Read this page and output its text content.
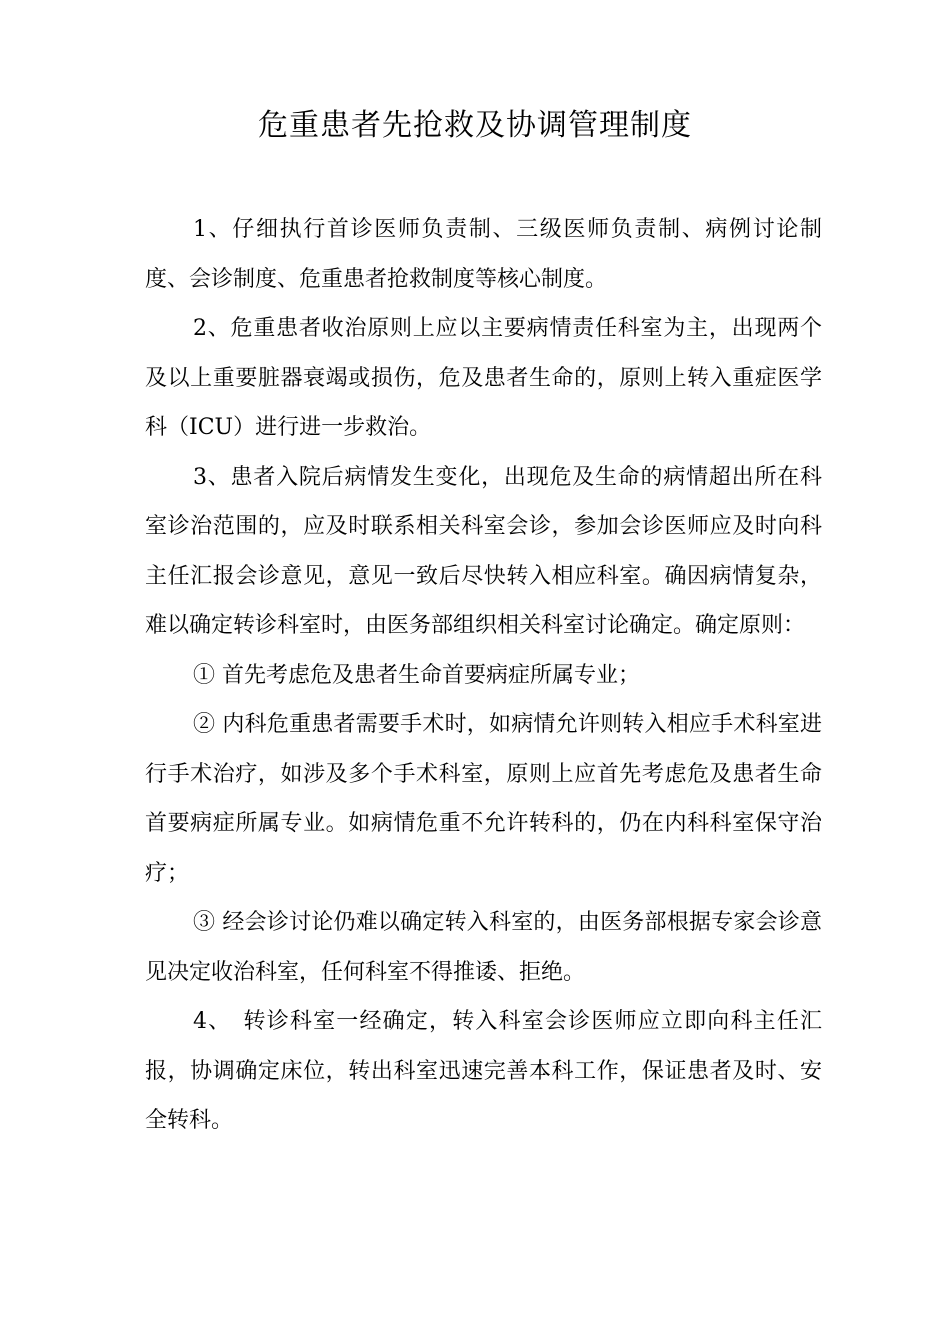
危重患者先抢救及协调管理制度

1、仔细执行首诊医师负责制、三级医师负责制、病例讨论制度、会诊制度、危重患者抢救制度等核心制度。

2、危重患者收治原则上应以主要病情责任科室为主，出现两个及以上重要脏器衰竭或损伤，危及患者生命的，原则上转入重症医学科（ICU）进行进一步救治。

3、患者入院后病情发生变化，出现危及生命的病情超出所在科室诊治范围的，应及时联系相关科室会诊，参加会诊医师应及时向科主任汇报会诊意见，意见一致后尽快转入相应科室。确因病情复杂，难以确定转诊科室时，由医务部组织相关科室讨论确定。确定原则：

① 首先考虑危及患者生命首要病症所属专业；

② 内科危重患者需要手术时，如病情允许则转入相应手术科室进行手术治疗，如涉及多个手术科室，原则上应首先考虑危及患者生命首要病症所属专业。如病情危重不允许转科的，仍在内科科室保守治疗；

③ 经会诊讨论仍难以确定转入科室的，由医务部根据专家会诊意见决定收治科室，任何科室不得推诿、拒绝。

4、　转诊科室一经确定，转入科室会诊医师应立即向科主任汇报，协调确定床位，转出科室迅速完善本科工作，保证患者及时、安全转科。
